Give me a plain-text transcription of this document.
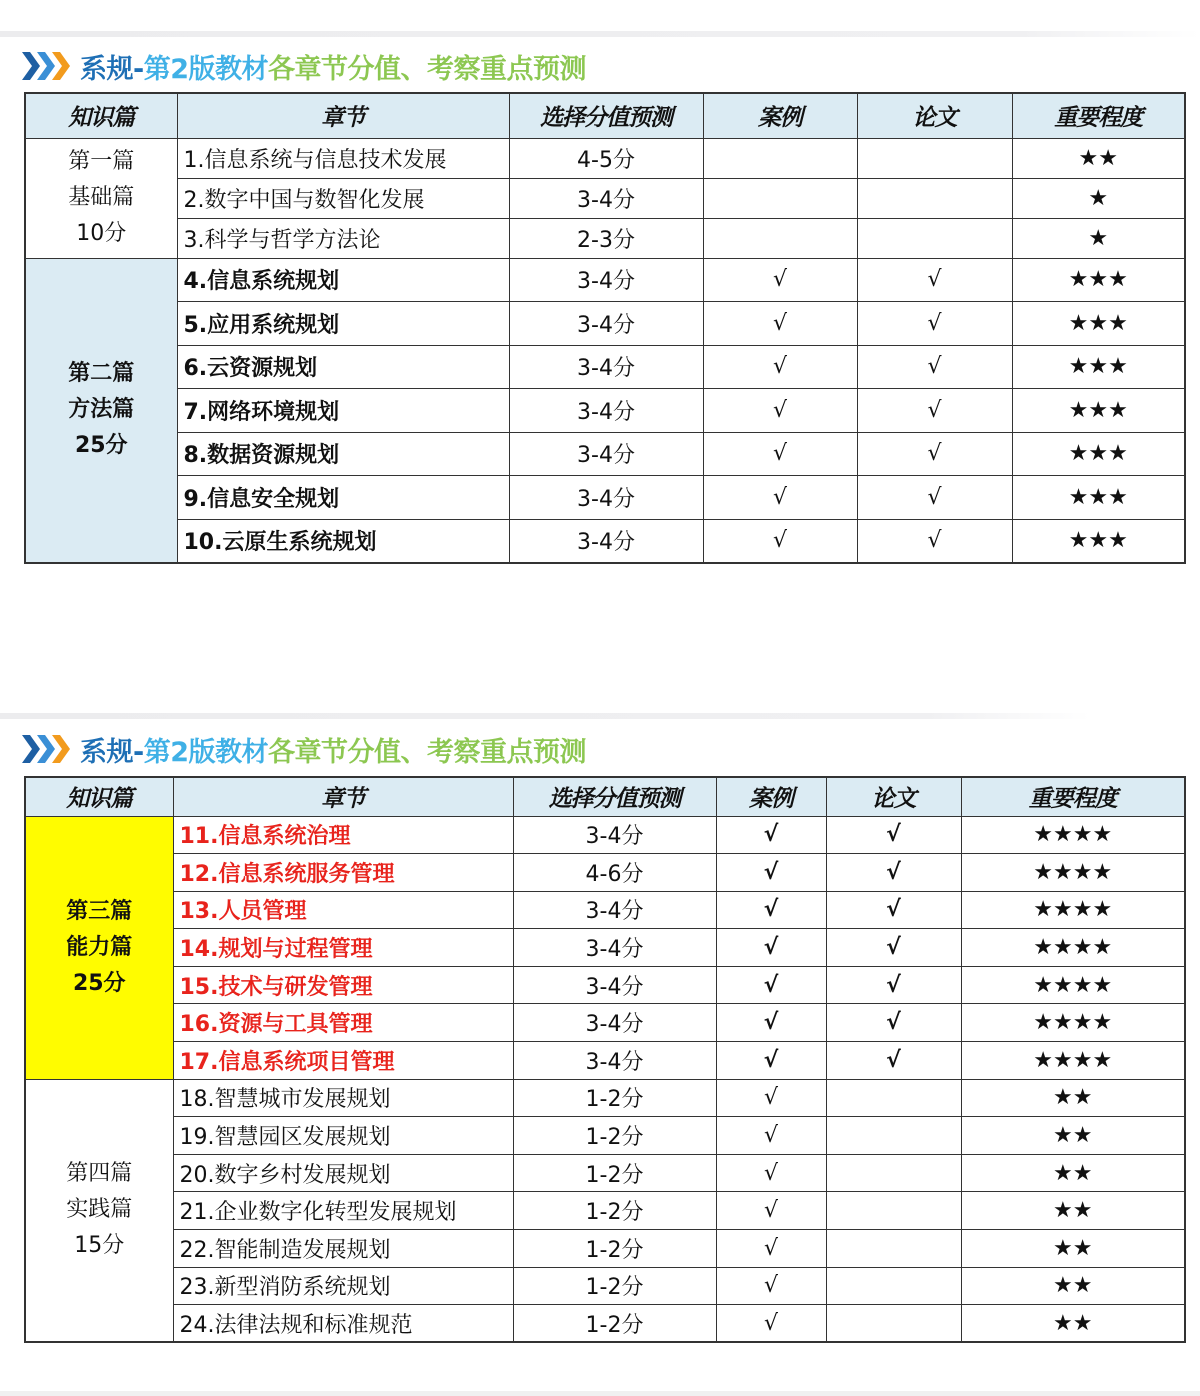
系规- 第2版教材 各章节分值、考察重点预测
知识篇	章节	选择分值预测	案例	论文	重要程度

第一篇
基础篇
10分	1.信息系统与信息技术发展	4-5分			★★
	2.数字中国与数智化发展	3-4分			★
	3.科学与哲学方法论	2-3分			★

第二篇
方法篇
25分	4.信息系统规划	3-4分	√	√	★★★
	5.应用系统规划	3-4分	√	√	★★★
	6.云资源规划	3-4分	√	√	★★★
	7.网络环境规划	3-4分	√	√	★★★
	8.数据资源规划	3-4分	√	√	★★★
	9.信息安全规划	3-4分	√	√	★★★
	10.云原生系统规划	3-4分	√	√	★★★
系规- 第2版教材 各章节分值、考察重点预测
知识篇	章节	选择分值预测	案例	论文	重要程度

第三篇
能力篇
25分	11.信息系统治理	3-4分	√	√	★★★★
	12.信息系统服务管理	4-6分	√	√	★★★★
	13.人员管理	3-4分	√	√	★★★★
	14.规划与过程管理	3-4分	√	√	★★★★
	15.技术与研发管理	3-4分	√	√	★★★★
	16.资源与工具管理	3-4分	√	√	★★★★
	17.信息系统项目管理	3-4分	√	√	★★★★

第四篇
实践篇
15分	18.智慧城市发展规划	1-2分	√		★★
	19.智慧园区发展规划	1-2分	√		★★
	20.数字乡村发展规划	1-2分	√		★★
	21.企业数字化转型发展规划	1-2分	√		★★
	22.智能制造发展规划	1-2分	√		★★
	23.新型消防系统规划	1-2分	√		★★
	24.法律法规和标准规范	1-2分	√		★★
